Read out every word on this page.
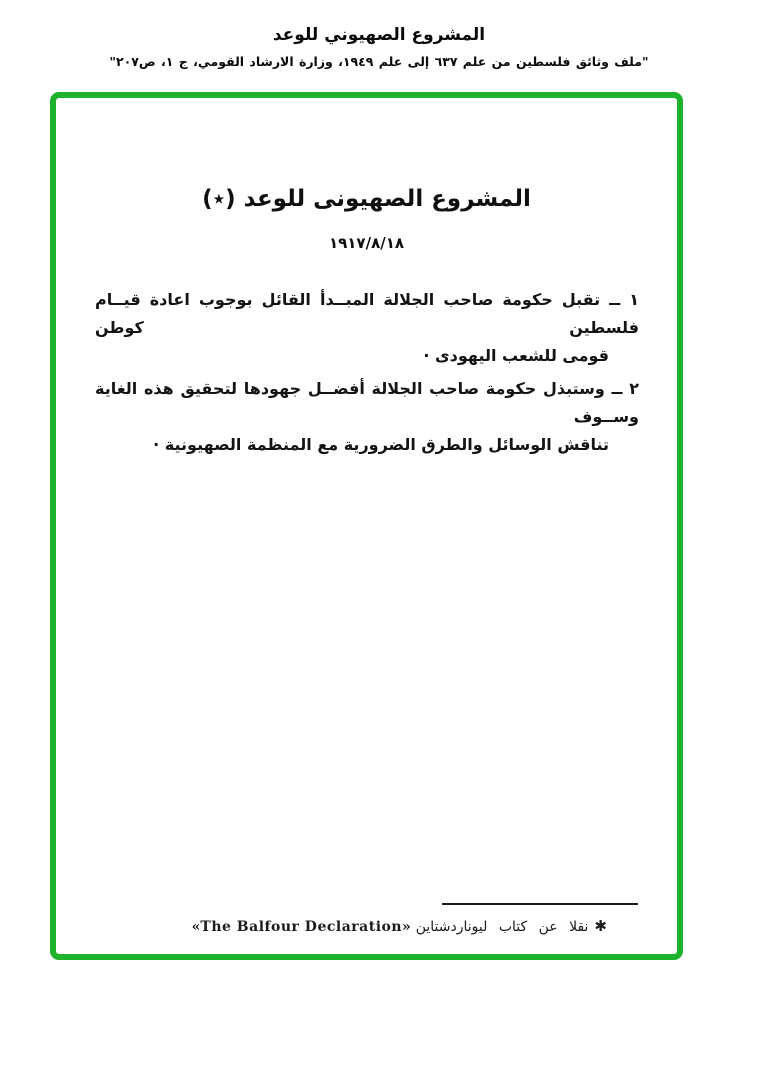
المشروع الصهيوني للوعد
"ملف وثائق فلسطين من علم ٦٣٧ إلى علم ١٩٤٩، وزارة الارشاد القومي، ج ١، ص٢٠٧"
المشروع الصهيونى للوعد (٭)
١٩١٧/٨/١٨
١ ــ تقبل حكومة صاحب الجلالة المبــدأ القائل بوجوب اعادة قيــام فلسطين كوطن
قومى للشعب اليهودى ·
٢ ــ وستبذل حكومة صاحب الجلالة أفضــل جهودها لتحقيق هذه الغاية وســوف
تناقش الوسائل والطرق الضرورية مع المنظمة الصهيونية ·
✱نقلا عن كتاب ليوناردشتاين «The Balfour Declaration»
